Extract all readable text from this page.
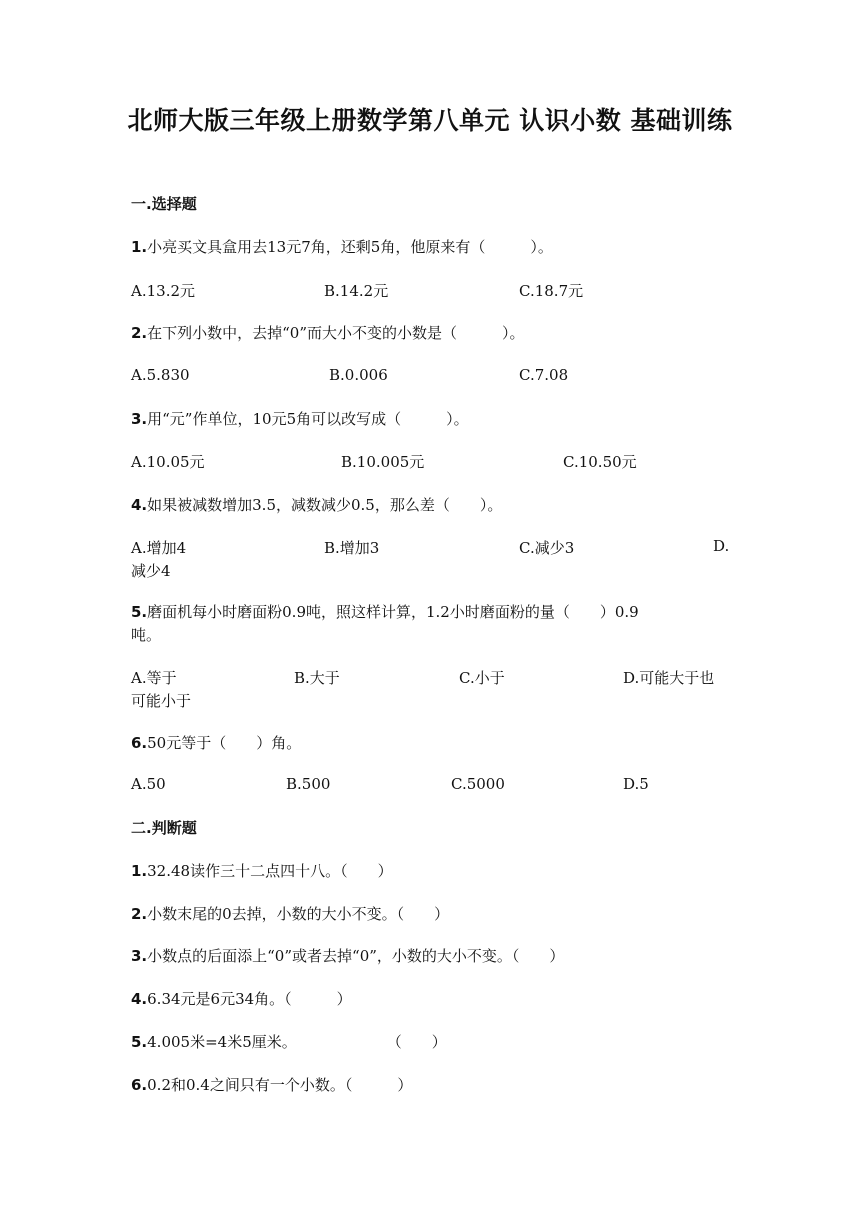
北师大版三年级上册数学第八单元 认识小数 基础训练
一.选择题
1.小亮买文具盒用去13元7角，还剩5角，他原来有（　　　）。
A.13.2元	B.14.2元	C.18.7元
2.在下列小数中，去掉“0”而大小不变的小数是（　　　）。
A.5.830	B.0.006	C.7.08
3.用“元”作单位，10元5角可以改写成（　　　）。
A.10.05元	B.10.005元	C.10.50元
4.如果被减数增加3.5，减数减少0.5，那么差（　　）。
A.增加4	B.增加3	C.减少3	D.
减少4
5.磨面机每小时磨面粉0.9吨，照这样计算，1.2小时磨面粉的量（　　）0.9
吨。
A.等于	B.大于	C.小于	D.可能大于也
可能小于
6.50元等于（　　）角。
A.50	B.500	C.5000	D.5
二.判断题
1.32.48读作三十二点四十八。（　　）
2.小数末尾的0去掉，小数的大小不变。（　　）
3.小数点的后面添上“0”或者去掉“0”，小数的大小不变。（　　）
4.6.34元是6元34角。（　　　）
5.4.005米=4米5厘米。　　　　　　　（　　）
6.0.2和0.4之间只有一个小数。（　　　）
